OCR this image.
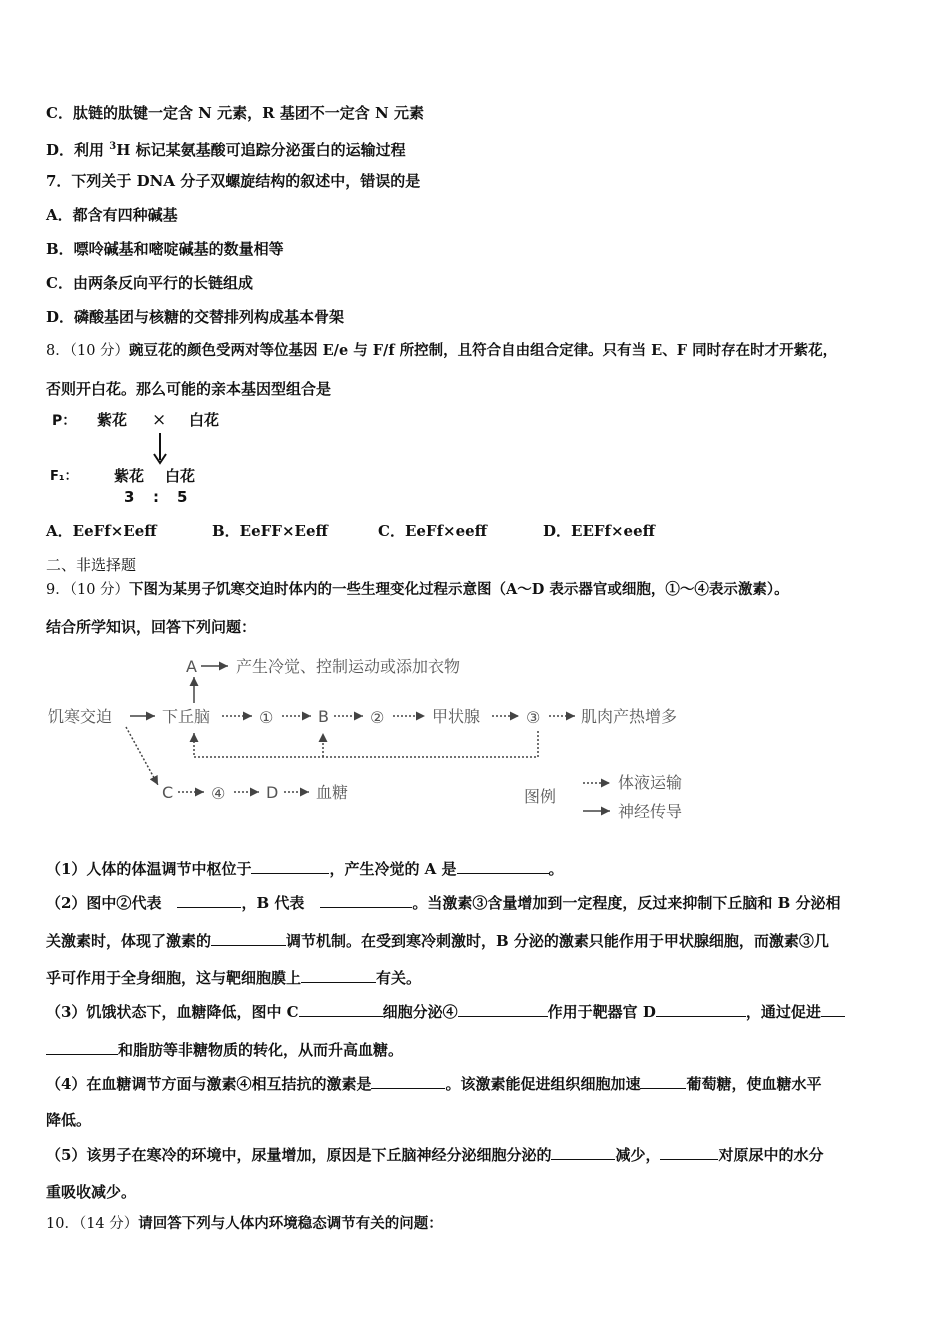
C．肽链的肽键一定含 N 元素，R 基团不一定含 N 元素
D．利用 $^3$H 标记某氨基酸可追踪分泌蛋白的运输过程
7．下列关于 DNA 分子双螺旋结构的叙述中，错误的是
A．都含有四种碱基
B．嘌呤碱基和嘧啶碱基的数量相等
C．由两条反向平行的长链组成
D．磷酸基团与核糖的交替排列构成基本骨架
8．（10 分）豌豆花的颜色受两对等位基因 E/e 与 F/f 所控制，且符合自由组合定律。只有当 E、F 同时存在时才开紫花，
否则开白花。那么可能的亲本基因型组合是
P： 紫花 × 白花
F₁： 紫花 白花
3 : 5
A．EeFf×Eeff	B．EeFF×Eeff	C．EeFf×eeff	D．EEFf×eeff
二、非选择题
9．（10 分）下图为某男子饥寒交迫时体内的一些生理变化过程示意图（A～D 表示器官或细胞，①～④表示激素）。
结合所学知识，回答下列问题：
A 产生冷觉、控制运动或添加衣物
饥寒交迫	下丘脑	①	B	②	甲状腺	③	肌肉产热增多
C ④	D 血糖	图例
体液运输
神经传导
（1）人体的体温调节中枢位于	，产生冷觉的 A 是	。
（2）图中②代表	，B 代表	。当激素③含量增加到一定程度，反过来抑制下丘脑和 B 分泌相
关激素时，体现了激素的	调节机制。在受到寒冷刺激时，B 分泌的激素只能作用于甲状腺细胞，而激素③几
乎可作用于全身细胞，这与靶细胞膜上	有关。
（3）饥饿状态下，血糖降低，图中 C	细胞分泌④	作用于靶器官 D	，通过促进
和脂肪等非糖物质的转化，从而升高血糖。
（4）在血糖调节方面与激素④相互拮抗的激素是	。该激素能促进组织细胞加速	葡萄糖，使血糖水平
降低。
（5）该男子在寒冷的环境中，尿量增加，原因是下丘脑神经分泌细胞分泌的	减少，	对原尿中的水分
重吸收减少。
10．（14 分）请回答下列与人体内环境稳态调节有关的问题：
